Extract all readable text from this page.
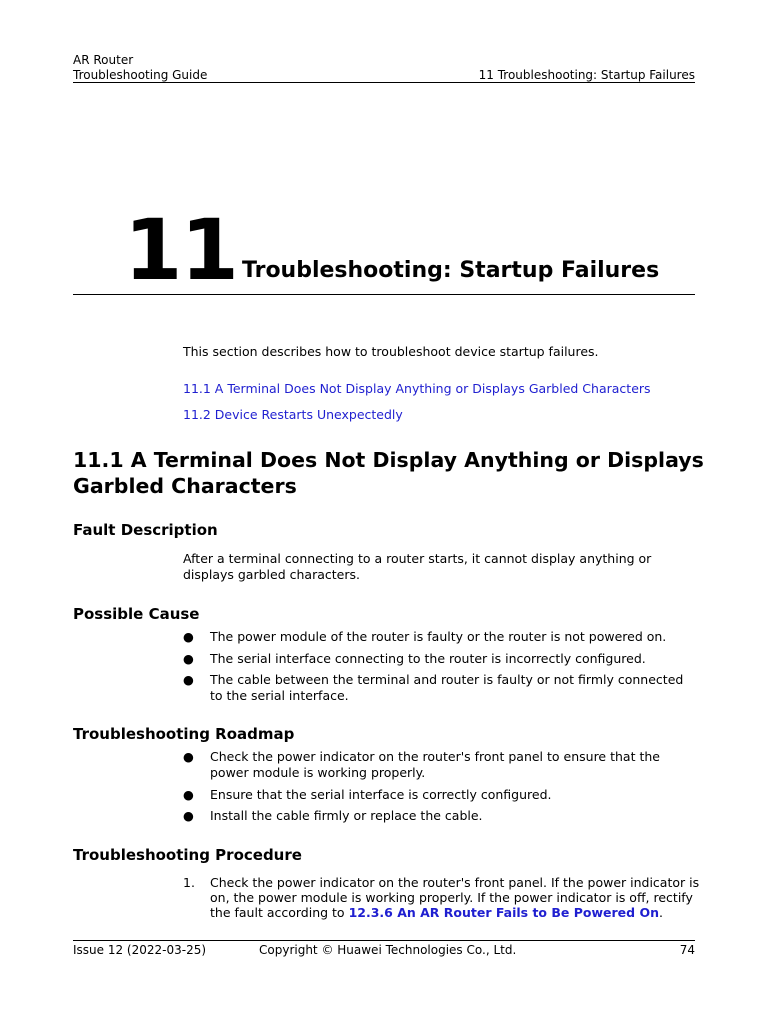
AR Router
Troubleshooting Guide	11 Troubleshooting: Startup Failures
11 Troubleshooting: Startup Failures
This section describes how to troubleshoot device startup failures.
11.1 A Terminal Does Not Display Anything or Displays Garbled Characters
11.2 Device Restarts Unexpectedly
11.1 A Terminal Does Not Display Anything or Displays
Garbled Characters
Fault Description
After a terminal connecting to a router starts, it cannot display anything or
displays garbled characters.
Possible Cause
● The power module of the router is faulty or the router is not powered on.
● The serial interface connecting to the router is incorrectly configured.
● The cable between the terminal and router is faulty or not firmly connected
to the serial interface.
Troubleshooting Roadmap
● Check the power indicator on the router's front panel to ensure that the
power module is working properly.
● Ensure that the serial interface is correctly configured.
● Install the cable firmly or replace the cable.
Troubleshooting Procedure
1. Check the power indicator on the router's front panel. If the power indicator is
on, the power module is working properly. If the power indicator is off, rectify
the fault according to 12.3.6 An AR Router Fails to Be Powered On.
Issue 12 (2022-03-25)	Copyright © Huawei Technologies Co., Ltd.	74
